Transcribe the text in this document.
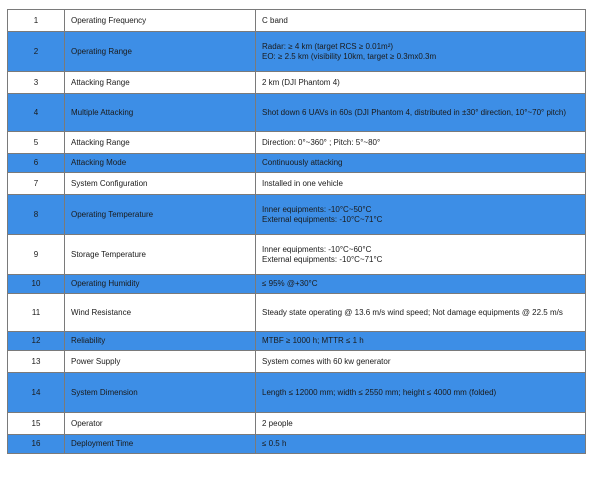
1	Operating Frequency	C band

2	Operating Range	Radar: ≥ 4 km (target RCS ≥ 0.01m²)
EO: ≥ 2.5 km (visibility 10km, target ≥ 0.3mx0.3m

3	Attacking Range	2 km (DJI Phantom 4)

4	Multiple Attacking	Shot down 6 UAVs in 60s (DJI Phantom 4, distributed in ±30° direction, 10°~70° pitch)

5	Attacking Range	Direction: 0°~360° ; Pitch: 5°~80°

6	Attacking Mode	Continuously attacking

7	System Configuration	Installed in one vehicle

8	Operating Temperature	Inner equipments: -10°C~50°C
External equipments: -10°C~71°C

9	Storage Temperature	Inner equipments: -10°C~60°C
External equipments: -10°C~71°C

10	Operating Humidity	≤ 95% @+30°C

11	Wind Resistance	Steady state operating @ 13.6 m/s wind speed; Not damage equipments @ 22.5 m/s

12	Reliability	MTBF ≥ 1000 h; MTTR ≤ 1 h

13	Power Supply	System comes with 60 kw generator

14	System Dimension	Length ≤ 12000 mm; width ≤ 2550 mm; height ≤ 4000 mm (folded)

15	Operator	2 people

16	Deployment Time	≤ 0.5 h
